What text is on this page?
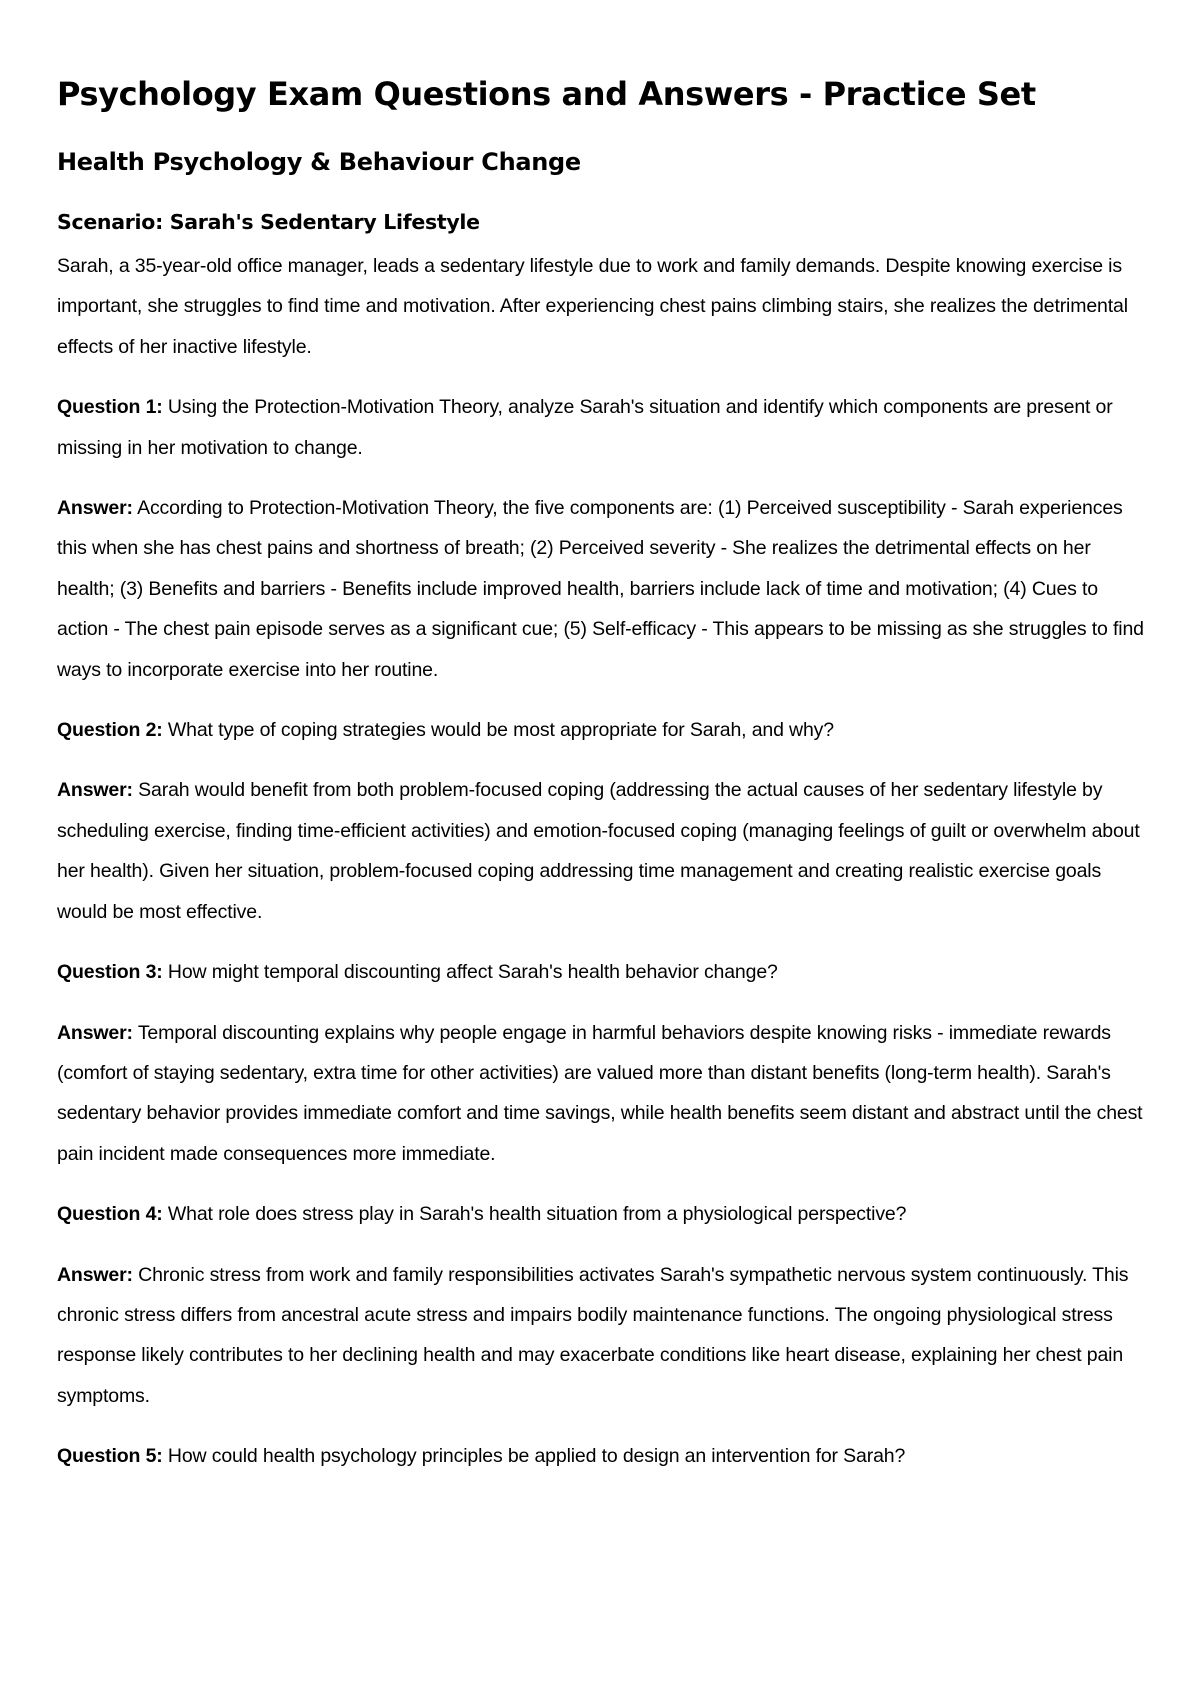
Psychology Exam Questions and Answers - Practice Set
Health Psychology & Behaviour Change
Scenario: Sarah's Sedentary Lifestyle

Sarah, a 35-year-old office manager, leads a sedentary lifestyle due to work and family demands. Despite knowing exercise is important, she struggles to find time and motivation. After experiencing chest pains climbing stairs, she realizes the detrimental effects of her inactive lifestyle.

Question 1: Using the Protection-Motivation Theory, analyze Sarah's situation and identify which components are present or missing in her motivation to change.

Answer: According to Protection-Motivation Theory, the five components are: (1) Perceived susceptibility - Sarah experiences this when she has chest pains and shortness of breath; (2) Perceived severity - She realizes the detrimental effects on her health; (3) Benefits and barriers - Benefits include improved health, barriers include lack of time and motivation; (4) Cues to action - The chest pain episode serves as a significant cue; (5) Self-efficacy - This appears to be missing as she struggles to find ways to incorporate exercise into her routine.

Question 2: What type of coping strategies would be most appropriate for Sarah, and why?

Answer: Sarah would benefit from both problem-focused coping (addressing the actual causes of her sedentary lifestyle by scheduling exercise, finding time-efficient activities) and emotion-focused coping (managing feelings of guilt or overwhelm about her health). Given her situation, problem-focused coping addressing time management and creating realistic exercise goals would be most effective.

Question 3: How might temporal discounting affect Sarah's health behavior change?

Answer: Temporal discounting explains why people engage in harmful behaviors despite knowing risks - immediate rewards (comfort of staying sedentary, extra time for other activities) are valued more than distant benefits (long-term health). Sarah's sedentary behavior provides immediate comfort and time savings, while health benefits seem distant and abstract until the chest pain incident made consequences more immediate.

Question 4: What role does stress play in Sarah's health situation from a physiological perspective?

Answer: Chronic stress from work and family responsibilities activates Sarah's sympathetic nervous system continuously. This chronic stress differs from ancestral acute stress and impairs bodily maintenance functions. The ongoing physiological stress response likely contributes to her declining health and may exacerbate conditions like heart disease, explaining her chest pain symptoms.

Question 5: How could health psychology principles be applied to design an intervention for Sarah?
